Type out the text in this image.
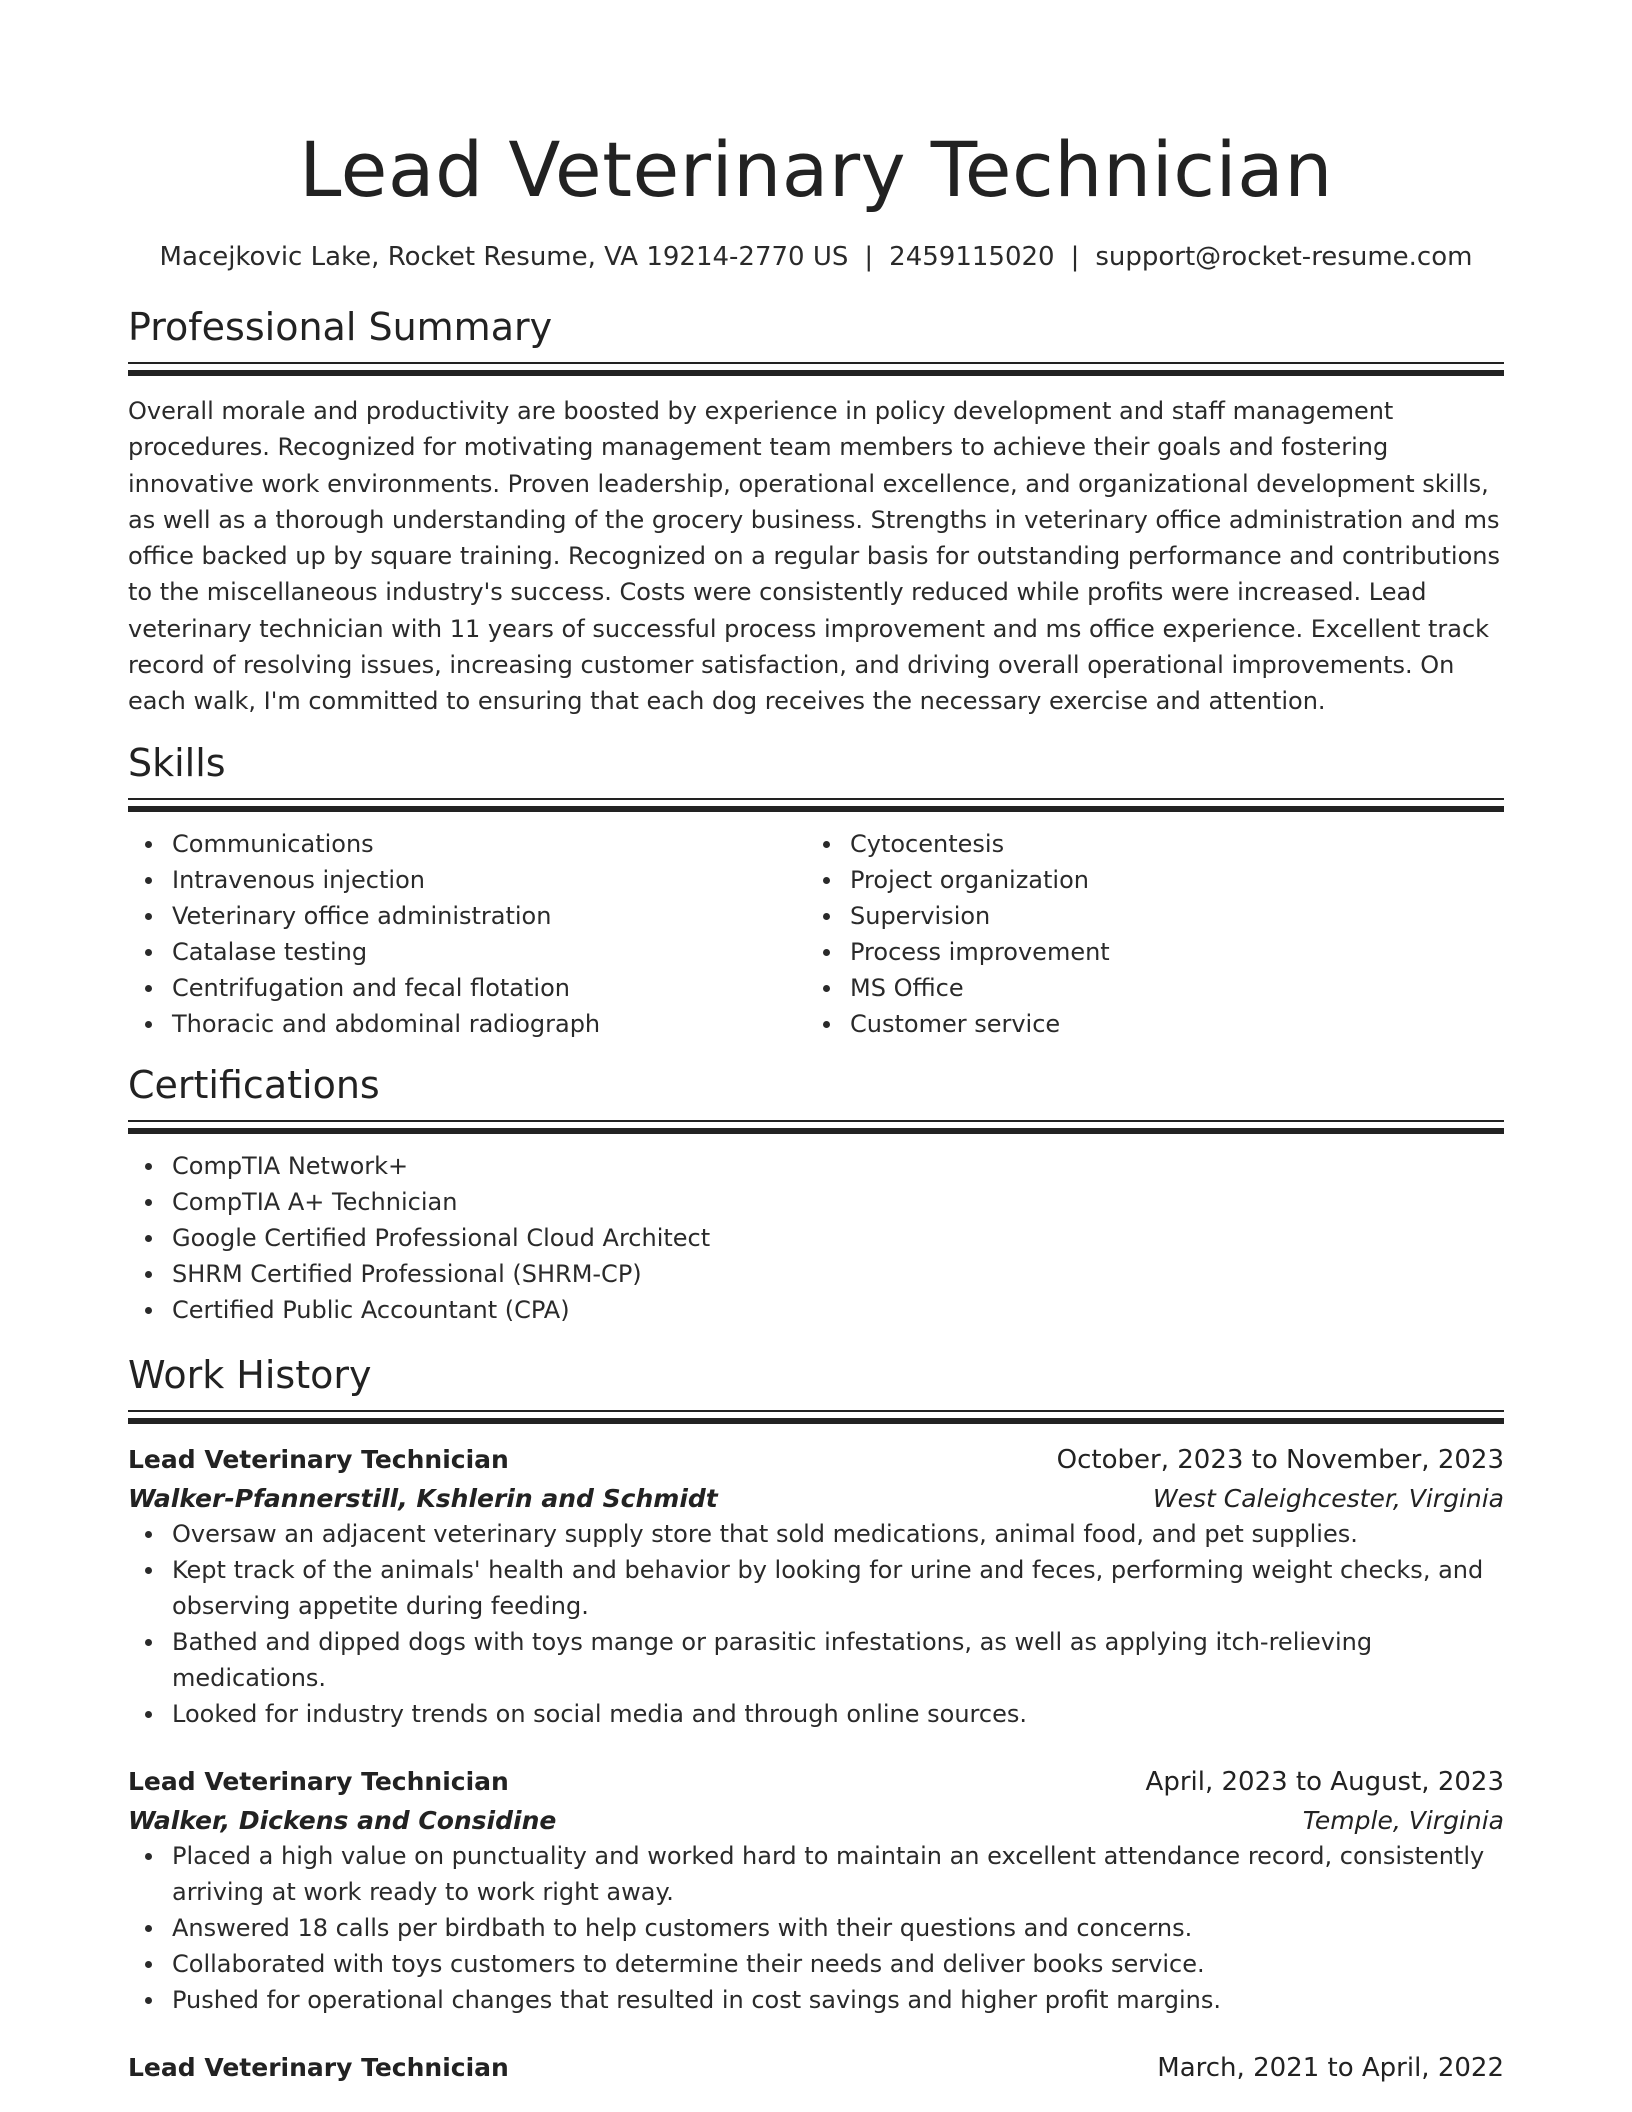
Lead Veterinary Technician
Macejkovic Lake, Rocket Resume, VA 19214-2770 US | 2459115020 | support@rocket-resume.com
Professional Summary
Overall morale and productivity are boosted by experience in policy development and staff management procedures. Recognized for motivating management team members to achieve their goals and fostering innovative work environments. Proven leadership, operational excellence, and organizational development skills, as well as a thorough understanding of the grocery business. Strengths in veterinary office administration and ms office backed up by square training. Recognized on a regular basis for outstanding performance and contributions to the miscellaneous industry's success. Costs were consistently reduced while profits were increased. Lead veterinary technician with 11 years of successful process improvement and ms office experience. Excellent track record of resolving issues, increasing customer satisfaction, and driving overall operational improvements. On each walk, I'm committed to ensuring that each dog receives the necessary exercise and attention.
Skills
Communications
Intravenous injection
Veterinary office administration
Catalase testing
Centrifugation and fecal flotation
Thoracic and abdominal radiograph
Cytocentesis
Project organization
Supervision
Process improvement
MS Office
Customer service
Certifications
CompTIA Network+
CompTIA A+ Technician
Google Certified Professional Cloud Architect
SHRM Certified Professional (SHRM-CP)
Certified Public Accountant (CPA)
Work History
Lead Veterinary Technician	October, 2023 to November, 2023
Walker-Pfannerstill, Kshlerin and Schmidt	West Caleighcester, Virginia
Oversaw an adjacent veterinary supply store that sold medications, animal food, and pet supplies.
Kept track of the animals' health and behavior by looking for urine and feces, performing weight checks, and observing appetite during feeding.
Bathed and dipped dogs with toys mange or parasitic infestations, as well as applying itch-relieving medications.
Looked for industry trends on social media and through online sources.
Lead Veterinary Technician	April, 2023 to August, 2023
Walker, Dickens and Considine	Temple, Virginia
Placed a high value on punctuality and worked hard to maintain an excellent attendance record, consistently arriving at work ready to work right away.
Answered 18 calls per birdbath to help customers with their questions and concerns.
Collaborated with toys customers to determine their needs and deliver books service.
Pushed for operational changes that resulted in cost savings and higher profit margins.
Lead Veterinary Technician	March, 2021 to April, 2022
